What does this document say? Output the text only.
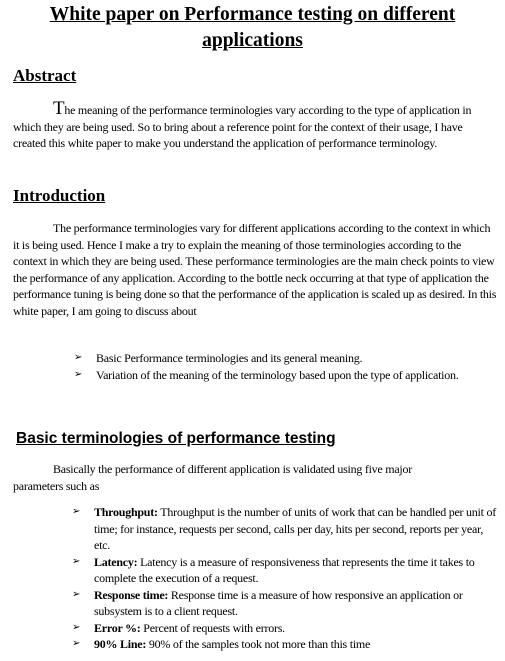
White paper on Performance testing on different
applications
Abstract
The meaning of the performance terminologies vary according to the type of application in which they are being used. So to bring about a reference point for the context of their usage, I have created this white paper to make you understand the application of performance terminology.
Introduction
The performance terminologies vary for different applications according to the context in which it is being used. Hence I make a try to explain the meaning of those terminologies according to the context in which they are being used. These performance terminologies are the main check points to view the performance of any application. According to the bottle neck occurring at that type of application the performance tuning is being done so that the performance of the application is scaled up as desired. In this white paper, I am going to discuss about
➢ Basic Performance terminologies and its general meaning.
➢ Variation of the meaning of the terminology based upon the type of application.
Basic terminologies of performance testing
Basically the performance of different application is validated using five major parameters such as
➢ Throughput: Throughput is the number of units of work that can be handled per unit of time; for instance, requests per second, calls per day, hits per second, reports per year, etc.
➢ Latency: Latency is a measure of responsiveness that represents the time it takes to complete the execution of a request.
➢ Response time: Response time is a measure of how responsive an application or subsystem is to a client request.
➢ Error %: Percent of requests with errors.
➢ 90% Line: 90% of the samples took not more than this time
